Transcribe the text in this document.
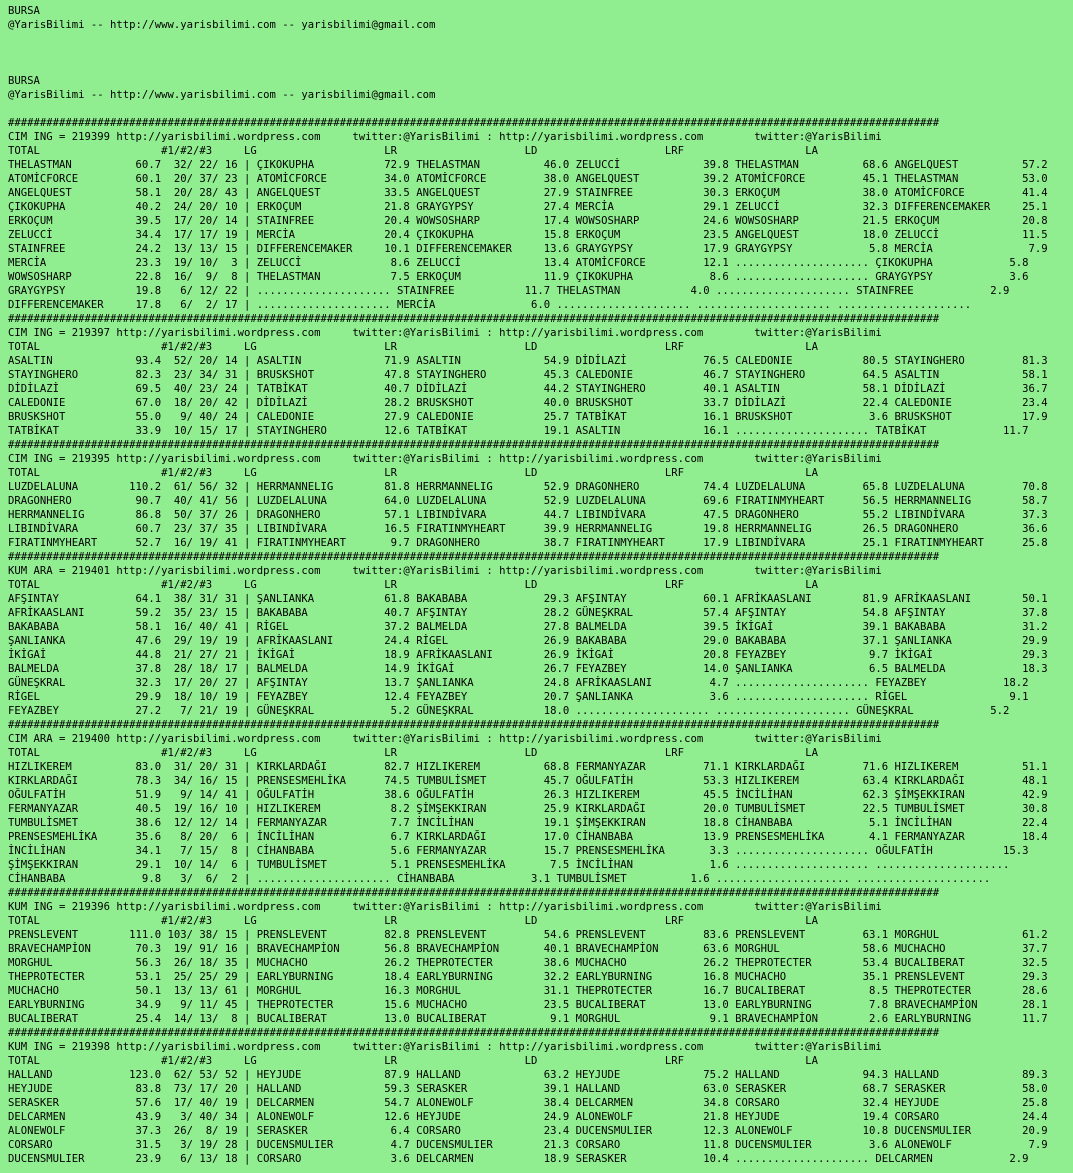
BURSA
@YarisBilimi -- http://www.yarisbilimi.com -- yarisbilimi@gmail.com

BURSA
@YarisBilimi -- http://www.yarisbilimi.com -- yarisbilimi@gmail.com

##################################################################################################################################################
CIM ING = 219399 http://yarisbilimi.wordpress.com     twitter:@YarisBilimi : http://yarisbilimi.wordpress.com        twitter:@YarisBilimi
TOTAL                   #1/#2/#3     LG                    LR                    LD                    LRF                   LA
THELASTMAN          60.7  32/ 22/ 16 | ÇIKOKUPHA           72.9 THELASTMAN          46.0 ZELUCCİ             39.8 THELASTMAN          68.6 ANGELQUEST          57.2
ATOMİCFORCE         60.1  20/ 37/ 23 | ATOMİCFORCE         34.0 ATOMİCFORCE         38.0 ANGELQUEST          39.2 ATOMİCFORCE         45.1 THELASTMAN          53.0
ANGELQUEST          58.1  20/ 28/ 43 | ANGELQUEST          33.5 ANGELQUEST          27.9 STAINFREE           30.3 ERKOÇUM             38.0 ATOMİCFORCE         41.4
ÇIKOKUPHA           40.2  24/ 20/ 10 | ERKOÇUM             21.8 GRAYGYPSY           27.4 MERCİA              29.1 ZELUCCİ             32.3 DIFFERENCEMAKER     25.1
ERKOÇUM             39.5  17/ 20/ 14 | STAINFREE           20.4 WOWSOSHARP          17.4 WOWSOSHARP          24.6 WOWSOSHARP          21.5 ERKOÇUM             20.8
ZELUCCİ             34.4  17/ 17/ 19 | MERCİA              20.4 ÇIKOKUPHA           15.8 ERKOÇUM             23.5 ANGELQUEST          18.0 ZELUCCİ             11.5
STAINFREE           24.2  13/ 13/ 15 | DIFFERENCEMAKER     10.1 DIFFERENCEMAKER     13.6 GRAYGYPSY           17.9 GRAYGYPSY            5.8 MERCİA               7.9
MERCİA              23.3  19/ 10/  3 | ZELUCCİ              8.6 ZELUCCİ             13.4 ATOMİCFORCE         12.1 ..................... ÇIKOKUPHA            5.8
WOWSOSHARP          22.8  16/  9/  8 | THELASTMAN           7.5 ERKOÇUM             11.9 ÇIKOKUPHA            8.6 ..................... GRAYGYPSY            3.6
GRAYGYPSY           19.8   6/ 12/ 22 | ..................... STAINFREE           11.7 THELASTMAN           4.0 ..................... STAINFREE            2.9
DIFFERENCEMAKER     17.8   6/  2/ 17 | ..................... MERCİA               6.0 ..................... ..................... .....................
##################################################################################################################################################
CIM ING = 219397 http://yarisbilimi.wordpress.com     twitter:@YarisBilimi : http://yarisbilimi.wordpress.com        twitter:@YarisBilimi
TOTAL                   #1/#2/#3     LG                    LR                    LD                    LRF                   LA
ASALTIN             93.4  52/ 20/ 14 | ASALTIN             71.9 ASALTIN             54.9 DİDİLAZİ            76.5 CALEDONIE           80.5 STAYINGHERO         81.3
STAYINGHERO         82.3  23/ 34/ 31 | BRUSKSHOT           47.8 STAYINGHERO         45.3 CALEDONIE           46.7 STAYINGHERO         64.5 ASALTIN             58.1
DİDİLAZİ            69.5  40/ 23/ 24 | TATBİKAT            40.7 DİDİLAZİ            44.2 STAYINGHERO         40.1 ASALTIN             58.1 DİDİLAZİ            36.7
CALEDONIE           67.0  18/ 20/ 42 | DİDİLAZİ            28.2 BRUSKSHOT           40.0 BRUSKSHOT           33.7 DİDİLAZİ            22.4 CALEDONIE           23.4
BRUSKSHOT           55.0   9/ 40/ 24 | CALEDONIE           27.9 CALEDONIE           25.7 TATBİKAT            16.1 BRUSKSHOT            3.6 BRUSKSHOT           17.9
TATBİKAT            33.9  10/ 15/ 17 | STAYINGHERO         12.6 TATBİKAT            19.1 ASALTIN             16.1 ..................... TATBİKAT            11.7
##################################################################################################################################################
CIM ING = 219395 http://yarisbilimi.wordpress.com     twitter:@YarisBilimi : http://yarisbilimi.wordpress.com        twitter:@YarisBilimi
TOTAL                   #1/#2/#3     LG                    LR                    LD                    LRF                   LA
LUZDELALUNA        110.2  61/ 56/ 32 | HERRMANNELIG        81.8 HERRMANNELIG        52.9 DRAGONHERO          74.4 LUZDELALUNA         65.8 LUZDELALUNA         70.8
DRAGONHERO          90.7  40/ 41/ 56 | LUZDELALUNA         64.0 LUZDELALUNA         52.9 LUZDELALUNA         69.6 FIRATINMYHEART      56.5 HERRMANNELIG        58.7
HERRMANNELIG        86.8  50/ 37/ 26 | DRAGONHERO          57.1 LIBINDİVARA         44.7 LIBINDİVARA         47.5 DRAGONHERO          55.2 LIBINDİVARA         37.3
LIBINDİVARA         60.7  23/ 37/ 35 | LIBINDİVARA         16.5 FIRATINMYHEART      39.9 HERRMANNELIG        19.8 HERRMANNELIG        26.5 DRAGONHERO          36.6
FIRATINMYHEART      52.7  16/ 19/ 41 | FIRATINMYHEART       9.7 DRAGONHERO          38.7 FIRATINMYHEART      17.9 LIBINDİVARA         25.1 FIRATINMYHEART      25.8
##################################################################################################################################################
KUM ARA = 219401 http://yarisbilimi.wordpress.com     twitter:@YarisBilimi : http://yarisbilimi.wordpress.com        twitter:@YarisBilimi
TOTAL                   #1/#2/#3     LG                    LR                    LD                    LRF                   LA
AFŞINTAY            64.1  38/ 31/ 31 | ŞANLIANKA           61.8 BAKABABA            29.3 AFŞINTAY            60.1 AFRİKAASLANI        81.9 AFRİKAASLANI        50.1
AFRİKAASLANI        59.2  35/ 23/ 15 | BAKABABA            40.7 AFŞINTAY            28.2 GÜNEŞKRAL           57.4 AFŞINTAY            54.8 AFŞINTAY            37.8
BAKABABA            58.1  16/ 40/ 41 | RİGEL               37.2 BALMELDA            27.8 BALMELDA            39.5 İKİGAİ              39.1 BAKABABA            31.2
ŞANLIANKA           47.6  29/ 19/ 19 | AFRİKAASLANI        24.4 RİGEL               26.9 BAKABABA            29.0 BAKABABA            37.1 ŞANLIANKA           29.9
İKİGAİ              44.8  21/ 27/ 21 | İKİGAİ              18.9 AFRİKAASLANI        26.9 İKİGAİ              20.8 FEYAZBEY             9.7 İKİGAİ              29.3
BALMELDA            37.8  28/ 18/ 17 | BALMELDA            14.9 İKİGAİ              26.7 FEYAZBEY            14.0 ŞANLIANKA            6.5 BALMELDA            18.3
GÜNEŞKRAL           32.3  17/ 20/ 27 | AFŞINTAY            13.7 ŞANLIANKA           24.8 AFRİKAASLANI         4.7 ..................... FEYAZBEY            18.2
RİGEL               29.9  18/ 10/ 19 | FEYAZBEY            12.4 FEYAZBEY            20.7 ŞANLIANKA            3.6 ..................... RİGEL                9.1
FEYAZBEY            27.2   7/ 21/ 19 | GÜNEŞKRAL            5.2 GÜNEŞKRAL           18.0 ..................... ..................... GÜNEŞKRAL            5.2
##################################################################################################################################################
CIM ARA = 219400 http://yarisbilimi.wordpress.com     twitter:@YarisBilimi : http://yarisbilimi.wordpress.com        twitter:@YarisBilimi
TOTAL                   #1/#2/#3     LG                    LR                    LD                    LRF                   LA
HIZLIKEREM          83.0  31/ 20/ 31 | KIRKLARDAĞI         82.7 HIZLIKEREM          68.8 FERMANYAZAR         71.1 KIRKLARDAĞI         71.6 HIZLIKEREM          51.1
KIRKLARDAĞI         78.3  34/ 16/ 15 | PRENSESMEHLİKA      74.5 TUMBULİSMET         45.7 OĞULFATİH           53.3 HIZLIKEREM          63.4 KIRKLARDAĞI         48.1
OĞULFATİH           51.9   9/ 14/ 41 | OĞULFATİH           38.6 OĞULFATİH           26.3 HIZLIKEREM          45.5 İNCİLİHAN           62.3 ŞİMŞEKKIRAN         42.9
FERMANYAZAR         40.5  19/ 16/ 10 | HIZLIKEREM           8.2 ŞİMŞEKKIRAN         25.9 KIRKLARDAĞI         20.0 TUMBULİSMET         22.5 TUMBULİSMET         30.8
TUMBULİSMET         38.6  12/ 12/ 14 | FERMANYAZAR          7.7 İNCİLİHAN           19.1 ŞİMŞEKKIRAN         18.8 CİHANBABA            5.1 İNCİLİHAN           22.4
PRENSESMEHLİKA      35.6   8/ 20/  6 | İNCİLİHAN            6.7 KIRKLARDAĞI         17.0 CİHANBABA           13.9 PRENSESMEHLİKA       4.1 FERMANYAZAR         18.4
İNCİLİHAN           34.1   7/ 15/  8 | CİHANBABA            5.6 FERMANYAZAR         15.7 PRENSESMEHLİKA       3.3 ..................... OĞULFATİH           15.3
ŞİMŞEKKIRAN         29.1  10/ 14/  6 | TUMBULİSMET          5.1 PRENSESMEHLİKA       7.5 İNCİLİHAN            1.6 ..................... .....................
CİHANBABA            9.8   3/  6/  2 | ..................... CİHANBABA            3.1 TUMBULİSMET          1.6 ..................... .....................
##################################################################################################################################################
KUM ING = 219396 http://yarisbilimi.wordpress.com     twitter:@YarisBilimi : http://yarisbilimi.wordpress.com        twitter:@YarisBilimi
TOTAL                   #1/#2/#3     LG                    LR                    LD                    LRF                   LA
PRENSLEVENT        111.0 103/ 38/ 15 | PRENSLEVENT         82.8 PRENSLEVENT         54.6 PRENSLEVENT         83.6 PRENSLEVENT         63.1 MORGHUL             61.2
BRAVECHAMPİON       70.3  19/ 91/ 16 | BRAVECHAMPİON       56.8 BRAVECHAMPİON       40.1 BRAVECHAMPİON       63.6 MORGHUL             58.6 MUCHACHO            37.7
MORGHUL             56.3  26/ 18/ 35 | MUCHACHO            26.2 THEPROTECTER        38.6 MUCHACHO            26.2 THEPROTECTER        53.4 BUCALIBERAT         32.5
THEPROTECTER        53.1  25/ 25/ 29 | EARLYBURNING        18.4 EARLYBURNING        32.2 EARLYBURNING        16.8 MUCHACHO            35.1 PRENSLEVENT         29.3
MUCHACHO            50.1  13/ 13/ 61 | MORGHUL             16.3 MORGHUL             31.1 THEPROTECTER        16.7 BUCALIBERAT          8.5 THEPROTECTER        28.6
EARLYBURNING        34.9   9/ 11/ 45 | THEPROTECTER        15.6 MUCHACHO            23.5 BUCALIBERAT         13.0 EARLYBURNING         7.8 BRAVECHAMPİON       28.1
BUCALIBERAT         25.4  14/ 13/  8 | BUCALIBERAT         13.0 BUCALIBERAT          9.1 MORGHUL              9.1 BRAVECHAMPİON        2.6 EARLYBURNING        11.7
##################################################################################################################################################
KUM ING = 219398 http://yarisbilimi.wordpress.com     twitter:@YarisBilimi : http://yarisbilimi.wordpress.com        twitter:@YarisBilimi
TOTAL                   #1/#2/#3     LG                    LR                    LD                    LRF                   LA
HALLAND            123.0  62/ 53/ 52 | HEYJUDE             87.9 HALLAND             63.2 HEYJUDE             75.2 HALLAND             94.3 HALLAND             89.3
HEYJUDE             83.8  73/ 17/ 20 | HALLAND             59.3 SERASKER            39.1 HALLAND             63.0 SERASKER            68.7 SERASKER            58.0
SERASKER            57.6  17/ 40/ 19 | DELCARMEN           54.7 ALONEWOLF           38.4 DELCARMEN           34.8 CORSARO             32.4 HEYJUDE             25.8
DELCARMEN           43.9   3/ 40/ 34 | ALONEWOLF           12.6 HEYJUDE             24.9 ALONEWOLF           21.8 HEYJUDE             19.4 CORSARO             24.4
ALONEWOLF           37.3  26/  8/ 19 | SERASKER             6.4 CORSARO             23.4 DUCENSMULIER        12.3 ALONEWOLF           10.8 DUCENSMULIER        20.9
CORSARO             31.5   3/ 19/ 28 | DUCENSMULIER         4.7 DUCENSMULIER        21.3 CORSARO             11.8 DUCENSMULIER         3.6 ALONEWOLF            7.9
DUCENSMULIER        23.9   6/ 13/ 18 | CORSARO              3.6 DELCARMEN           18.9 SERASKER            10.4 ..................... DELCARMEN            2.9
